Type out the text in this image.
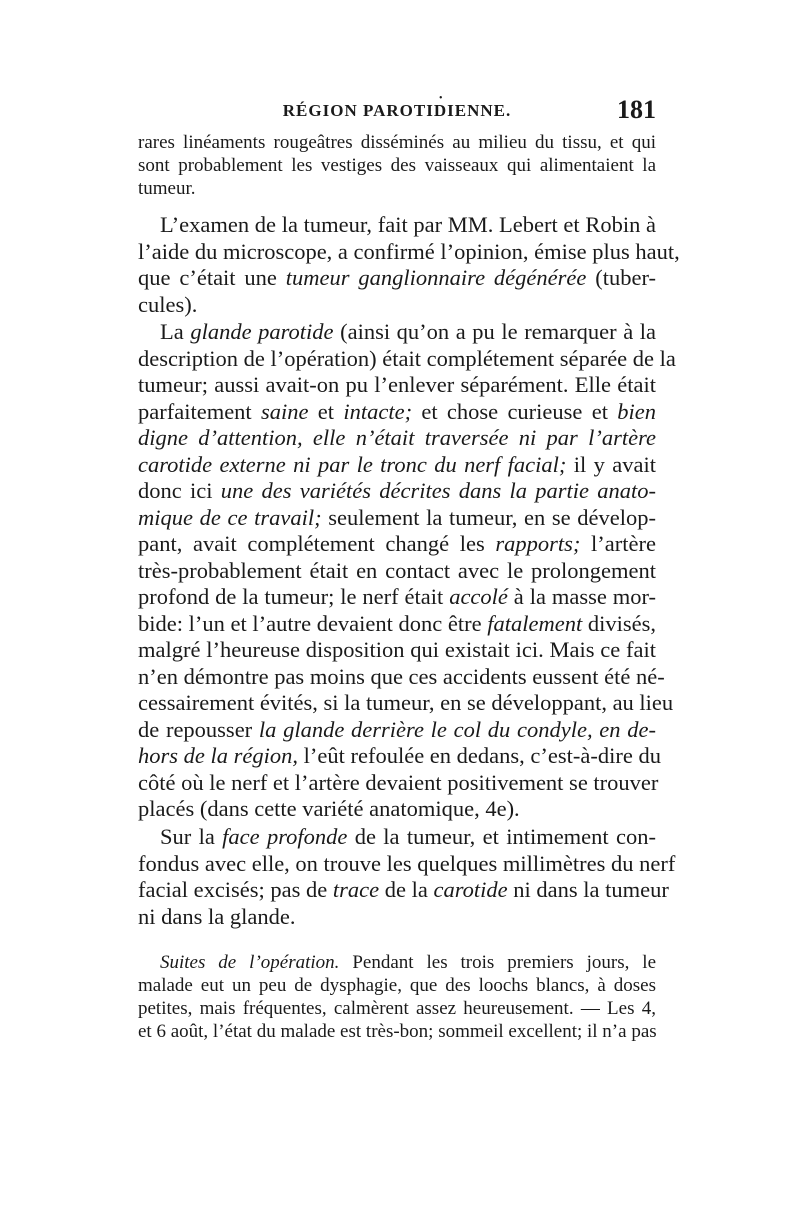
•
RÉGION PAROTIDIENNE.	181
rares linéaments rougeâtres disséminés au milieu du tissu, et qui
sont probablement les vestiges des vaisseaux qui alimentaient la
tumeur.
L’examen de la tumeur, fait par MM. Lebert et Robin à
l’aide du microscope, a confirmé l’opinion, émise plus haut,
que c’était une tumeur ganglionnaire dégénérée (tuber-
cules).
La glande parotide (ainsi qu’on a pu le remarquer à la
description de l’opération) était complétement séparée de la
tumeur; aussi avait-on pu l’enlever séparément. Elle était
parfaitement saine et intacte; et chose curieuse et bien
digne d’attention, elle n’était traversée ni par l’artère
carotide externe ni par le tronc du nerf facial; il y avait
donc ici une des variétés décrites dans la partie anato-
mique de ce travail; seulement la tumeur, en se dévelop-
pant, avait complétement changé les rapports; l’artère
très-probablement était en contact avec le prolongement
profond de la tumeur; le nerf était accolé à la masse mor-
bide: l’un et l’autre devaient donc être fatalement divisés,
malgré l’heureuse disposition qui existait ici. Mais ce fait
n’en démontre pas moins que ces accidents eussent été né-
cessairement évités, si la tumeur, en se développant, au lieu
de repousser la glande derrière le col du condyle, en de-
hors de la région, l’eût refoulée en dedans, c’est-à-dire du
côté où le nerf et l’artère devaient positivement se trouver
placés (dans cette variété anatomique, 4e).
Sur la face profonde de la tumeur, et intimement con-
fondus avec elle, on trouve les quelques millimètres du nerf
facial excisés; pas de trace de la carotide ni dans la tumeur
ni dans la glande.
Suites de l’opération. Pendant les trois premiers jours, le
malade eut un peu de dysphagie, que des loochs blancs, à doses
petites, mais fréquentes, calmèrent assez heureusement. — Les 4,
et 6 août, l’état du malade est très-bon; sommeil excellent; il n’a pas
